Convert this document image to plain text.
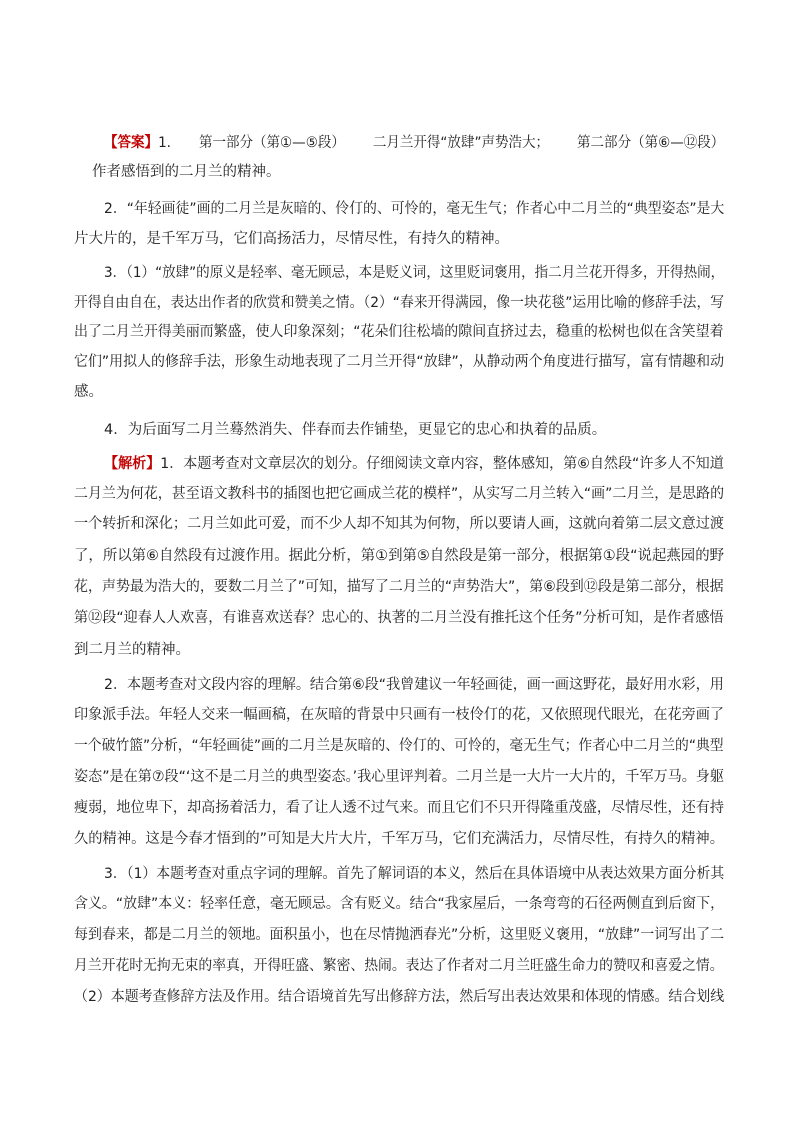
【答案】1. 第一部分（第①—⑤段） 二月兰开得“放肆”声势浩大； 第二部分（第⑥—⑫段）

作者感悟到的二月兰的精神。

2．“年轻画徒”画的二月兰是灰暗的、伶仃的、可怜的，毫无生气；作者心中二月兰的“典型姿态”是大

片大片的，是千军万马，它们高扬活力，尽情尽性，有持久的精神。

3．（1）“放肆”的原义是轻率、毫无顾忌，本是贬义词，这里贬词褒用，指二月兰花开得多，开得热闹，

开得自由自在，表达出作者的欣赏和赞美之情。（2）“春来开得满园，像一块花毯”运用比喻的修辞手法，写

出了二月兰开得美丽而繁盛，使人印象深刻；“花朵们往松墙的隙间直挤过去，稳重的松树也似在含笑望着

它们”用拟人的修辞手法，形象生动地表现了二月兰开得“放肆”，从静动两个角度进行描写，富有情趣和动

感。

4．为后面写二月兰蓦然消失、伴春而去作铺垫，更显它的忠心和执着的品质。

【解析】1．本题考查对文章层次的划分。仔细阅读文章内容，整体感知，第⑥自然段“许多人不知道

二月兰为何花，甚至语文教科书的插图也把它画成兰花的模样”，从实写二月兰转入“画”二月兰，是思路的

一个转折和深化；二月兰如此可爱，而不少人却不知其为何物，所以要请人画，这就向着第二层文意过渡

了，所以第⑥自然段有过渡作用。据此分析，第①到第⑤自然段是第一部分，根据第①段“说起燕园的野

花，声势最为浩大的，要数二月兰了”可知，描写了二月兰的“声势浩大”，第⑥段到⑫段是第二部分，根据

第⑫段“迎春人人欢喜，有谁喜欢送春？忠心的、执著的二月兰没有推托这个任务”分析可知，是作者感悟

到二月兰的精神。

2．本题考查对文段内容的理解。结合第⑥段“我曾建议一年轻画徒，画一画这野花，最好用水彩，用

印象派手法。年轻人交来一幅画稿，在灰暗的背景中只画有一枝伶仃的花，又依照现代眼光，在花旁画了

一个破竹篮”分析，“年轻画徒”画的二月兰是灰暗的、伶仃的、可怜的，毫无生气；作者心中二月兰的“典型

姿态”是在第⑦段“‘这不是二月兰的典型姿态。’我心里评判着。二月兰是一大片一大片的，千军万马。身躯

瘦弱，地位卑下，却高扬着活力，看了让人透不过气来。而且它们不只开得隆重茂盛，尽情尽性，还有持

久的精神。这是今春才悟到的”可知是大片大片，千军万马，它们充满活力，尽情尽性，有持久的精神。

3．（1）本题考查对重点字词的理解。首先了解词语的本义，然后在具体语境中从表达效果方面分析其

含义。“放肆”本义：轻率任意，毫无顾忌。含有贬义。结合“我家屋后，一条弯弯的石径两侧直到后窗下，

每到春来，都是二月兰的领地。面积虽小，也在尽情抛洒春光”分析，这里贬义褒用，“放肆”一词写出了二

月兰开花时无拘无束的率真，开得旺盛、繁密、热闹。表达了作者对二月兰旺盛生命力的赞叹和喜爱之情。

（2）本题考查修辞方法及作用。结合语境首先写出修辞方法，然后写出表达效果和体现的情感。结合划线
